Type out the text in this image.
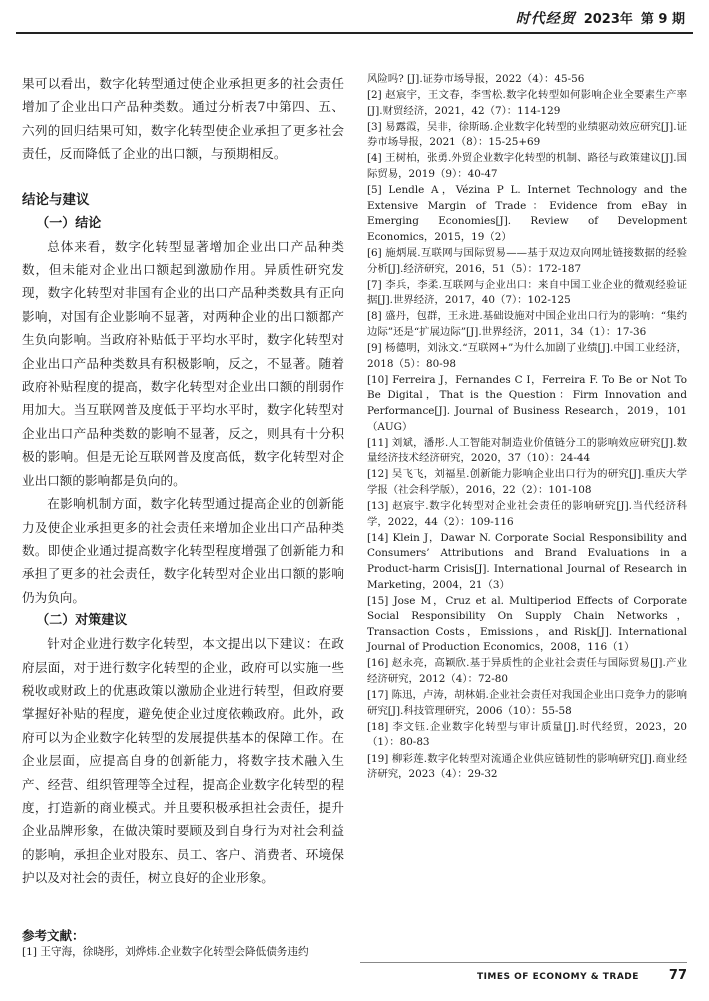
时代经贸 2023年 第 9 期

果可以看出，数字化转型通过使企业承担更多的社会责任增加了企业出口产品种类数。通过分析表7中第四、五、六列的回归结果可知，数字化转型使企业承担了更多社会责任，反而降低了企业的出口额，与预期相反。

结论与建议
（一）结论

总体来看，数字化转型显著增加企业出口产品种类数，但未能对企业出口额起到激励作用。异质性研究发现，数字化转型对非国有企业的出口产品种类数具有正向影响，对国有企业影响不显著，对两种企业的出口额都产生负向影响。当政府补贴低于平均水平时，数字化转型对企业出口产品种类数具有积极影响，反之，不显著。随着政府补贴程度的提高，数字化转型对企业出口额的削弱作用加大。当互联网普及度低于平均水平时，数字化转型对企业出口产品种类数的影响不显著，反之，则具有十分积极的影响。但是无论互联网普及度高低，数字化转型对企业出口额的影响都是负向的。

在影响机制方面，数字化转型通过提高企业的创新能力及使企业承担更多的社会责任来增加企业出口产品种类数。即使企业通过提高数字化转型程度增强了创新能力和承担了更多的社会责任，数字化转型对企业出口额的影响仍为负向。

（二）对策建议

针对企业进行数字化转型，本文提出以下建议：在政府层面，对于进行数字化转型的企业，政府可以实施一些税收或财政上的优惠政策以激励企业进行转型，但政府要掌握好补贴的程度，避免使企业过度依赖政府。此外，政府可以为企业数字化转型的发展提供基本的保障工作。在企业层面，应提高自身的创新能力，将数字技术融入生产、经营、组织管理等全过程，提高企业数字化转型的程度，打造新的商业模式。并且要积极承担社会责任，提升企业品牌形象，在做决策时要顾及到自身行为对社会利益的影响，承担企业对股东、员工、客户、消费者、环境保护以及对社会的责任，树立良好的企业形象。

参考文献：
[1] 王守海，徐晓彤，刘烨炜.企业数字化转型会降低债务违约

风险吗? [J].证券市场导报，2022（4）：45-56

[2] 赵宸宇，王文春，李雪松.数字化转型如何影响企业全要素生产率[J].财贸经济，2021，42（7）：114-129

[3] 易露霞，吴非，徐斯旸.企业数字化转型的业绩驱动效应研究[J].证券市场导报，2021（8）：15-25+69

[4] 王树柏，张勇.外贸企业数字化转型的机制、路径与政策建议[J].国际贸易，2019（9）：40-47

[5] Lendle A，Vézina P L. Internet Technology and the Extensive Margin of Trade：Evidence from eBay in Emerging Economies[J]. Review of Development Economics，2015，19（2）

[6] 施炳展.互联网与国际贸易——基于双边双向网址链接数据的经验分析[J].经济研究，2016，51（5）：172-187

[7] 李兵，李柔.互联网与企业出口：来自中国工业企业的微观经验证据[J].世界经济，2017，40（7）：102-125

[8] 盛丹，包群，王永进.基础设施对中国企业出口行为的影响：“集约边际”还是“扩展边际”[J].世界经济，2011，34（1）：17-36

[9] 杨德明，刘泳文.“互联网+”为什么加剧了业绩[J].中国工业经济，2018（5）：80-98

[10] Ferreira J，Fernandes C I，Ferreira F. To Be or Not To Be Digital，That is the Question：Firm Innovation and Performance[J]. Journal of Business Research，2019，101（AUG）

[11] 刘斌，潘彤.人工智能对制造业价值链分工的影响效应研究[J].数量经济技术经济研究，2020，37（10）：24-44

[12] 吴飞飞，刘福星.创新能力影响企业出口行为的研究[J].重庆大学学报（社会科学版），2016，22（2）：101-108

[13] 赵宸宇.数字化转型对企业社会责任的影响研究[J].当代经济科学，2022，44（2）：109-116

[14] Klein J，Dawar N. Corporate Social Responsibility and Consumers’ Attributions and Brand Evaluations in a Product-harm Crisis[J]. International Journal of Research in Marketing，2004，21（3）

[15] Jose M，Cruz et al. Multiperiod Effects of Corporate Social Responsibility On Supply Chain Networks，Transaction Costs，Emissions，and Risk[J]. International Journal of Production Economics，2008，116（1）

[16] 赵永亮，高颖欣.基于异质性的企业社会责任与国际贸易[J].产业经济研究，2012（4）：72-80

[17] 陈迅，卢涛，胡林娟.企业社会责任对我国企业出口竞争力的影响研究[J].科技管理研究，2006（10）：55-58

[18] 李文钰.企业数字化转型与审计质量[J].时代经贸，2023，20（1）：80-83

[19] 柳彩莲.数字化转型对流通企业供应链韧性的影响研究[J].商业经济研究，2023（4）：29-32

TIMES OF ECONOMY & TRADE 77
